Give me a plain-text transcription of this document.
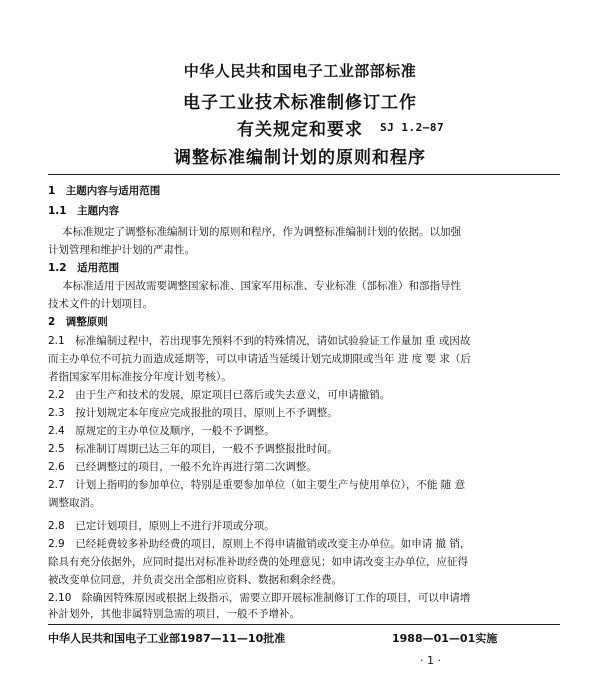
中华人民共和国电子工业部部标准
电子工业技术标准制修订工作
有关规定和要求	SJ 1.2—87
调整标准编制计划的原则和程序
1　主题内容与适用范围
1.1　主题内容
本标准规定了调整标准编制计划的原则和程序，作为调整标准编制计划的依据。以加强
计划管理和维护计划的严肃性。
1.2　适用范围
本标准适用于因故需要调整国家标准、国家军用标准、专业标准（部标准）和部指导性
技术文件的计划项目。
2　调整原则
2.1　标准编制过程中，若出现事先预料不到的特殊情况，请如试验验证工作量加 重 或因故
而主办单位不可抗力而造成延期等，可以申请适当延缓计划完成期限或当年 进 度 要 求（后
者指国家军用标准按分年度计划考核）。
2.2　由于生产和技术的发展，原定项目已落后或失去意义，可申请撤销。
2.3　按计划规定本年度应完成报批的项目，原则上不予调整。
2.4　原规定的主办单位及顺序，一般不予调整。
2.5　标准制订周期已达三年的项目，一般不予调整报批时间。
2.6　已经调整过的项目，一般不允许再进行第二次调整。
2.7　计划上指明的参加单位，特别是重要参加单位（如主要生产与使用单位），不能 随 意
调整取消。
2.8　已定计划项目，原则上不进行并项或分项。
2.9　已经耗费较多补助经费的项目，原则上不得申请撤销或改变主办单位。如申请 撤 销，
除具有充分依据外，应同时提出对标准补助经费的处理意见；如申请改变主办单位，应征得
被改变单位同意，并负责交出全部相应资料、数据和剩余经费。
2.10　除确因特殊原因或根据上级指示，需要立即开展标准制修订工作的项目，可以申请增
补計划外，其他非属特别急需的项目，一般不予增补。
中华人民共和国电子工业部1987—11—10批准	1988—01—01实施
· 1 ·
